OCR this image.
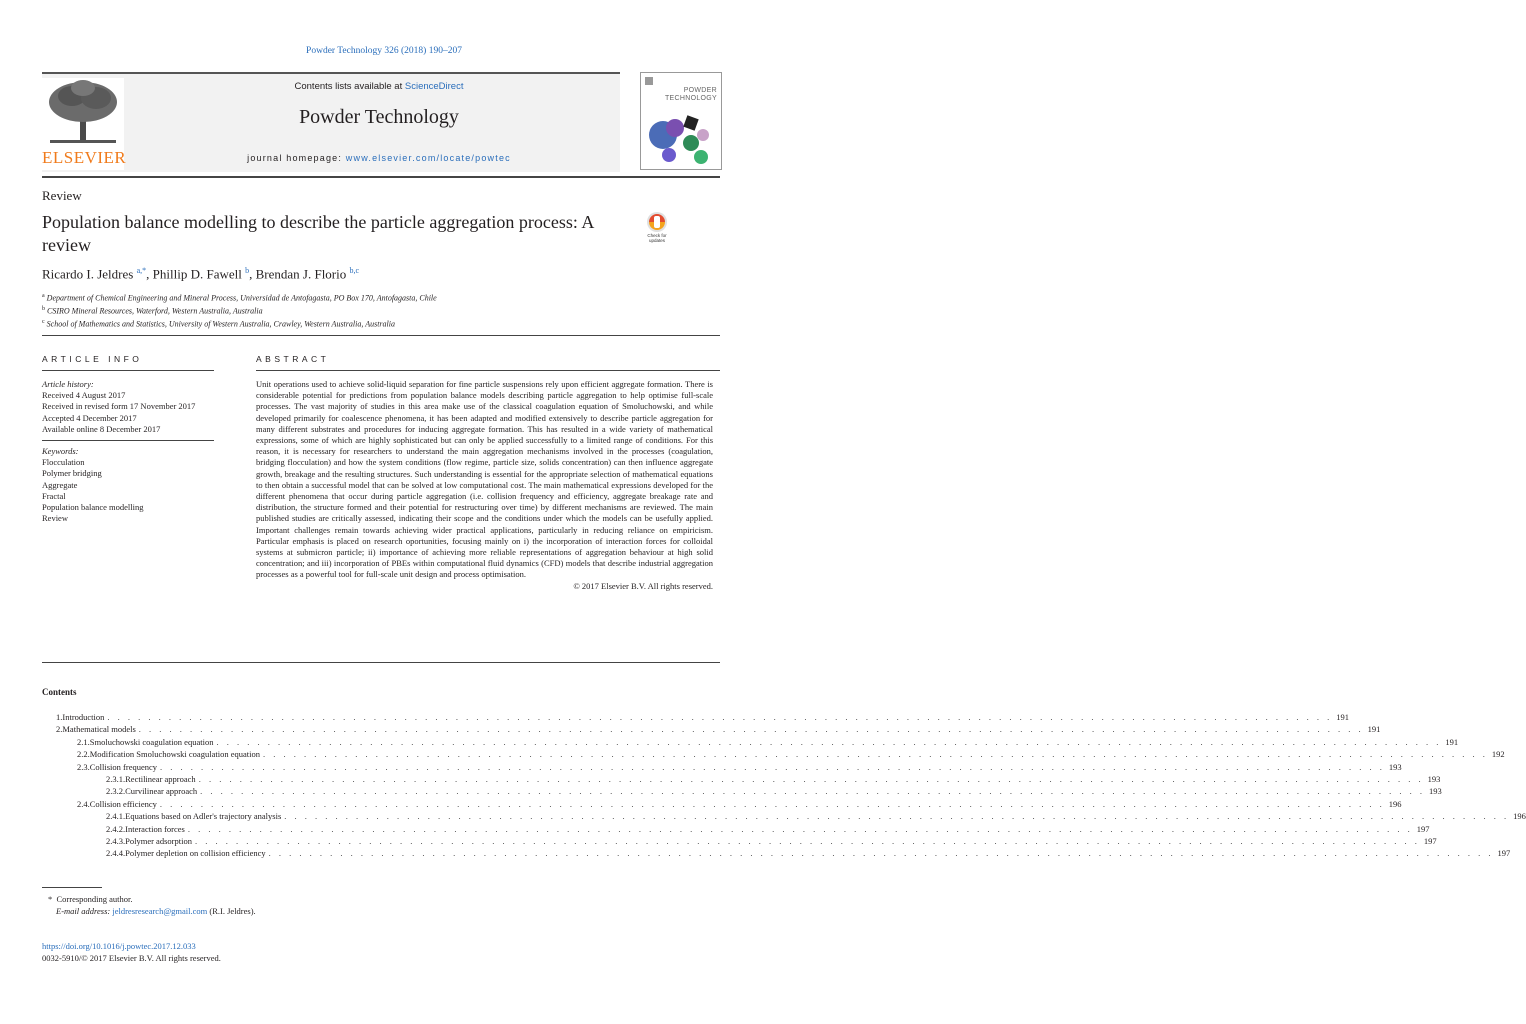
Powder Technology 326 (2018) 190–207
ELSEVIER
Contents lists available at ScienceDirect
Powder Technology
journal homepage: www.elsevier.com/locate/powtec
POWDER
TECHNOLOGY
Review
Population balance modelling to describe the particle aggregation process: A review	Check for
updates
Ricardo I. Jeldres $^{a,*}$, Phillip D. Fawell $^b$, Brendan J. Florio $^{b,c}$
$^a$ Department of Chemical Engineering and Mineral Process, Universidad de Antofagasta, PO Box 170, Antofagasta, Chile
$^b$ CSIRO Mineral Resources, Waterford, Western Australia, Australia
$^c$ School of Mathematics and Statistics, University of Western Australia, Crawley, Western Australia, Australia
ARTICLE INFO	ABSTRACT
Article history:
Received 4 August 2017
Received in revised form 17 November 2017
Accepted 4 December 2017
Available online 8 December 2017
Keywords:
Flocculation
Polymer bridging
Aggregate
Fractal
Population balance modelling
Review
Unit operations used to achieve solid-liquid separation for fine particle suspensions rely upon efficient aggregate formation. There is considerable potential for predictions from population balance models describing particle aggregation to help optimise full-scale processes. The vast majority of studies in this area make use of the classical coagulation equation of Smoluchowski, and while developed primarily for coalescence phenomena, it has been adapted and modified extensively to describe particle aggregation for many different substrates and procedures for inducing aggregate formation. This has resulted in a wide variety of mathematical expressions, some of which are highly sophisticated but can only be applied successfully to a limited range of conditions. For this reason, it is necessary for researchers to understand the main aggregation mechanisms involved in the processes (coagulation, bridging flocculation) and how the system conditions (flow regime, particle size, solids concentration) can then influence aggregate growth, breakage and the resulting structures. Such understanding is essential for the appropriate selection of mathematical equations to then obtain a successful model that can be solved at low computational cost. The main mathematical expressions developed for the different phenomena that occur during particle aggregation (i.e. collision frequency and efficiency, aggregate breakage rate and distribution, the structure formed and their potential for restructuring over time) by different mechanisms are reviewed. The main published studies are critically assessed, indicating their scope and the conditions under which the models can be usefully applied. Important challenges remain towards achieving wider practical applications, particularly in reducing reliance on empiricism. Particular emphasis is placed on research oportunities, focusing mainly on i) the incorporation of interaction forces for colloidal systems at submicron particle; ii) importance of achieving more reliable representations of aggregation behaviour at high solid concentration; and iii) incorporation of PBEs within computational fluid dynamics (CFD) models that describe industrial aggregation processes as a powerful tool for full-scale unit design and process optimisation.
© 2017 Elsevier B.V. All rights reserved.
Contents
1. Introduction . . . . . . . . . . . . . . . . . . . . . . . . . . . . . . . . . . . . . . . . . . . . . . . . . . . . . . . . . . . . . . . . . . . . . . . . . . . . . . . . . . . . . . . . . . . . . . . . . . . . . . . . . . . . . . . . . . . . . . . . 191
2. Mathematical models . . . . . . . . . . . . . . . . . . . . . . . . . . . . . . . . . . . . . . . . . . . . . . . . . . . . . . . . . . . . . . . . . . . . . . . . . . . . . . . . . . . . . . . . . . . . . . . . . . . . . . . . . . . . . . . . . . . . . . . . 191
2.1. Smoluchowski coagulation equation . . . . . . . . . . . . . . . . . . . . . . . . . . . . . . . . . . . . . . . . . . . . . . . . . . . . . . . . . . . . . . . . . . . . . . . . . . . . . . . . . . . . . . . . . . . . . . . . . . . . . . . . . . . . . . . . . . . . . . . . 191
2.2. Modification Smoluchowski coagulation equation . . . . . . . . . . . . . . . . . . . . . . . . . . . . . . . . . . . . . . . . . . . . . . . . . . . . . . . . . . . . . . . . . . . . . . . . . . . . . . . . . . . . . . . . . . . . . . . . . . . . . . . . . . . . . . . . . . . . . . . . 192
2.3. Collision frequency . . . . . . . . . . . . . . . . . . . . . . . . . . . . . . . . . . . . . . . . . . . . . . . . . . . . . . . . . . . . . . . . . . . . . . . . . . . . . . . . . . . . . . . . . . . . . . . . . . . . . . . . . . . . . . . . . . . . . . . . 193
2.3.1. Rectilinear approach . . . . . . . . . . . . . . . . . . . . . . . . . . . . . . . . . . . . . . . . . . . . . . . . . . . . . . . . . . . . . . . . . . . . . . . . . . . . . . . . . . . . . . . . . . . . . . . . . . . . . . . . . . . . . . . . . . . . . . . . 193
2.3.2. Curvilinear approach . . . . . . . . . . . . . . . . . . . . . . . . . . . . . . . . . . . . . . . . . . . . . . . . . . . . . . . . . . . . . . . . . . . . . . . . . . . . . . . . . . . . . . . . . . . . . . . . . . . . . . . . . . . . . . . . . . . . . . . . 193
2.4. Collision efficiency . . . . . . . . . . . . . . . . . . . . . . . . . . . . . . . . . . . . . . . . . . . . . . . . . . . . . . . . . . . . . . . . . . . . . . . . . . . . . . . . . . . . . . . . . . . . . . . . . . . . . . . . . . . . . . . . . . . . . . . . 196
2.4.1. Equations based on Adler's trajectory analysis . . . . . . . . . . . . . . . . . . . . . . . . . . . . . . . . . . . . . . . . . . . . . . . . . . . . . . . . . . . . . . . . . . . . . . . . . . . . . . . . . . . . . . . . . . . . . . . . . . . . . . . . . . . . . . . . . . . . . . . . 196
2.4.2. Interaction forces . . . . . . . . . . . . . . . . . . . . . . . . . . . . . . . . . . . . . . . . . . . . . . . . . . . . . . . . . . . . . . . . . . . . . . . . . . . . . . . . . . . . . . . . . . . . . . . . . . . . . . . . . . . . . . . . . . . . . . . . 197
2.4.3. Polymer adsorption . . . . . . . . . . . . . . . . . . . . . . . . . . . . . . . . . . . . . . . . . . . . . . . . . . . . . . . . . . . . . . . . . . . . . . . . . . . . . . . . . . . . . . . . . . . . . . . . . . . . . . . . . . . . . . . . . . . . . . . . 197
2.4.4. Polymer depletion on collision efficiency . . . . . . . . . . . . . . . . . . . . . . . . . . . . . . . . . . . . . . . . . . . . . . . . . . . . . . . . . . . . . . . . . . . . . . . . . . . . . . . . . . . . . . . . . . . . . . . . . . . . . . . . . . . . . . . . . . . . . . . . 197
* Corresponding author.
E-mail address: jeldresresearch@gmail.com (R.I. Jeldres).
https://doi.org/10.1016/j.powtec.2017.12.033
0032-5910/© 2017 Elsevier B.V. All rights reserved.
